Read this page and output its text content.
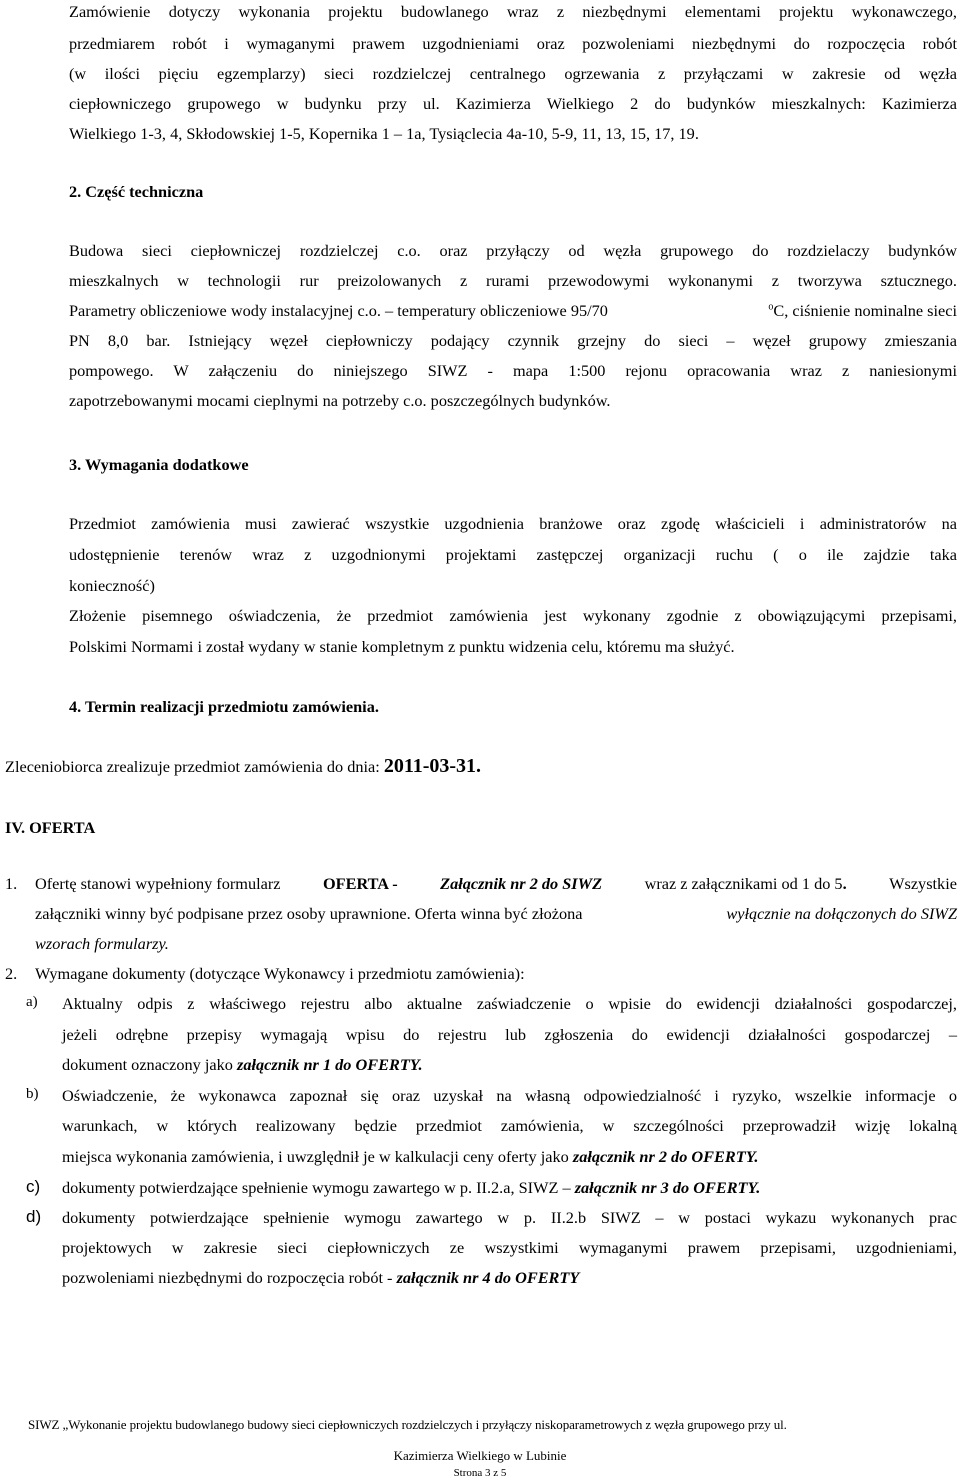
Zamówienie dotyczy wykonania projektu budowlanego wraz z niezbędnymi elementami projektu wykonawczego,
przedmiarem robót i wymaganymi prawem uzgodnieniami oraz pozwoleniami niezbędnymi do rozpoczęcia robót
(w ilości pięciu egzemplarzy) sieci rozdzielczej centralnego ogrzewania z przyłączami w zakresie od węzła
ciepłowniczego grupowego w budynku przy ul. Kazimierza Wielkiego 2 do budynków mieszkalnych: Kazimierza
Wielkiego 1-3, 4, Skłodowskiej 1-5, Kopernika 1 – 1a, Tysiąclecia 4a-10, 5-9, 11, 13, 15, 17, 19.
2. Część techniczna
Budowa sieci ciepłowniczej rozdzielczej c.o. oraz przyłączy od węzła grupowego do rozdzielaczy budynków
mieszkalnych w technologii rur preizolowanych z rurami przewodowymi wykonanymi z tworzywa sztucznego.
Parametry obliczeniowe wody instalacyjnej c.o. – temperatury obliczeniowe 95/70	$^o$C, ciśnienie nominalne sieci
PN 8,0 bar. Istniejący węzeł ciepłowniczy podający czynnik grzejny do sieci – węzeł grupowy zmieszania
pompowego. W załączeniu do niniejszego SIWZ - mapa 1:500 rejonu opracowania wraz z naniesionymi
zapotrzebowanymi mocami cieplnymi na potrzeby c.o. poszczególnych budynków.
3. Wymagania dodatkowe
Przedmiot zamówienia musi zawierać wszystkie uzgodnienia branżowe oraz zgodę właścicieli i administratorów na
udostępnienie terenów wraz z uzgodnionymi projektami zastępczej organizacji ruchu ( o ile zajdzie taka
konieczność)
Złożenie pisemnego oświadczenia, że przedmiot zamówienia jest wykonany zgodnie z obowiązującymi przepisami,
Polskimi Normami i został wydany w stanie kompletnym z punktu widzenia celu, któremu ma służyć.
4. Termin realizacji przedmiotu zamówienia.
Zleceniobiorca zrealizuje przedmiot zamówienia do dnia: 2011-03-31.
IV. OFERTA
1. Ofertę stanowi wypełniony formularz	OFERTA -	Załącznik nr 2 do SIWZ	wraz z załącznikami od 1 do 5.	Wszystkie
załączniki winny być podpisane przez osoby uprawnione. Oferta winna być złożona	wyłącznie na dołączonych do SIWZ
wzorach formularzy.
2. Wymagane dokumenty (dotyczące Wykonawcy i przedmiotu zamówienia):
a) Aktualny odpis z właściwego rejestru albo aktualne zaświadczenie o wpisie do ewidencji działalności gospodarczej,
jeżeli odrębne przepisy wymagają wpisu do rejestru lub zgłoszenia do ewidencji działalności gospodarczej –
dokument oznaczony jako załącznik nr 1 do OFERTY.
b) Oświadczenie, że wykonawca zapoznał się oraz uzyskał na własną odpowiedzialność i ryzyko, wszelkie informacje o
warunkach, w których realizowany będzie przedmiot zamówienia, w szczególności przeprowadził wizję lokalną
miejsca wykonania zamówienia, i uwzględnił je w kalkulacji ceny oferty jako załącznik nr 2 do OFERTY.
c) dokumenty potwierdzające spełnienie wymogu zawartego w p. II.2.a, SIWZ – załącznik nr 3 do OFERTY.
d) dokumenty potwierdzające spełnienie wymogu zawartego w p. II.2.b SIWZ – w postaci wykazu wykonanych prac
projektowych w zakresie sieci ciepłowniczych ze wszystkimi wymaganymi prawem przepisami, uzgodnieniami,
pozwoleniami niezbędnymi do rozpoczęcia robót - załącznik nr 4 do OFERTY
SIWZ „Wykonanie projektu budowlanego budowy sieci ciepłowniczych rozdzielczych i przyłączy niskoparametrowych z węzła grupowego przy ul.
Kazimierza Wielkiego w Lubinie
Strona 3 z 5
